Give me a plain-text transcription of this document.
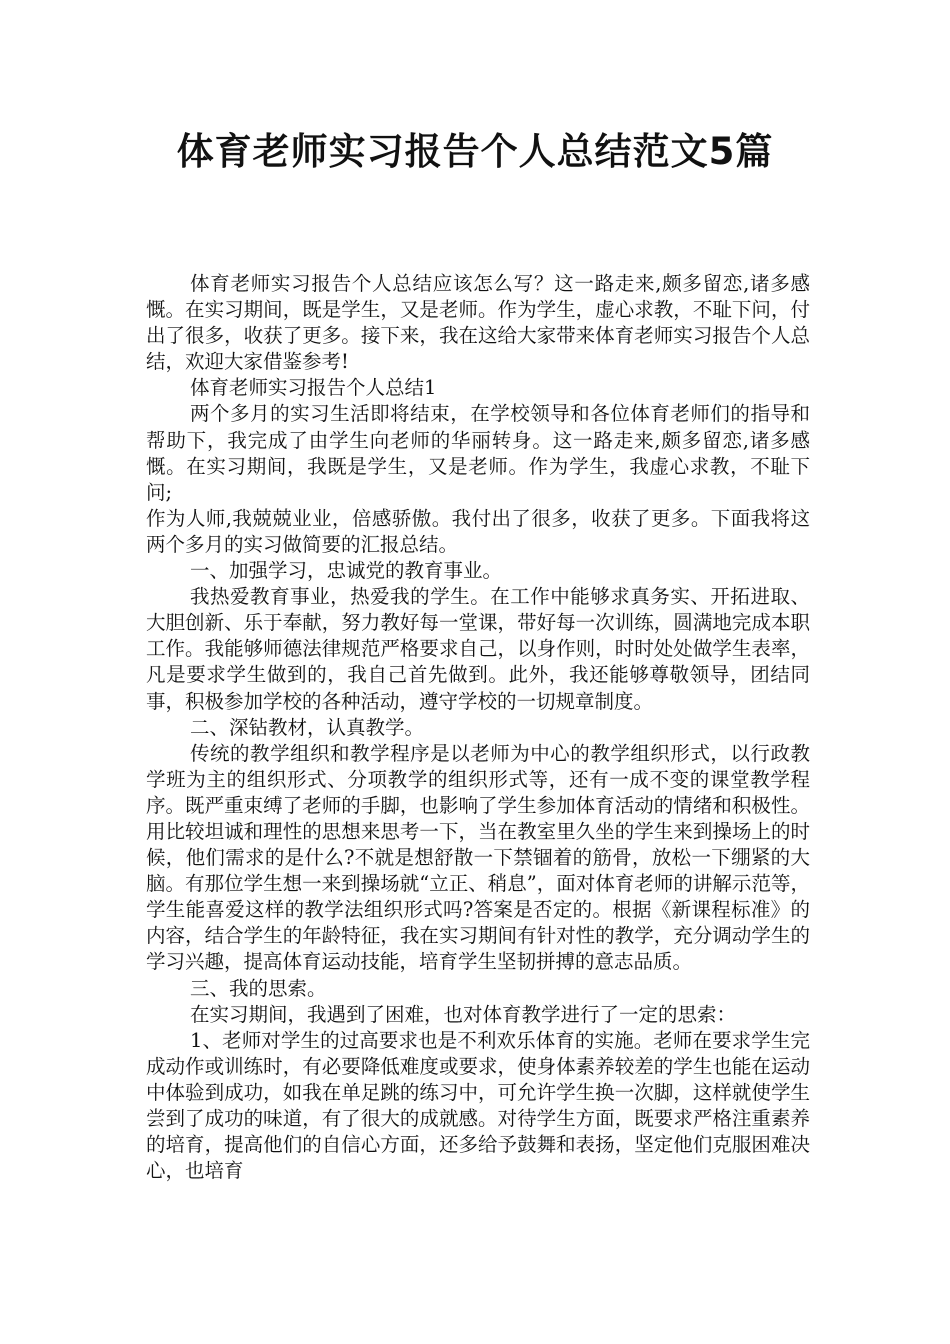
体育老师实习报告个人总结范文5篇

体育老师实习报告个人总结应该怎么写？这一路走来,颇多留恋,诸多感慨。在实习期间，既是学生，又是老师。作为学生，虚心求教，不耻下问，付出了很多，收获了更多。接下来，我在这给大家带来体育老师实习报告个人总结，欢迎大家借鉴参考!

体育老师实习报告个人总结1

两个多月的实习生活即将结束，在学校领导和各位体育老师们的指导和帮助下，我完成了由学生向老师的华丽转身。这一路走来,颇多留恋,诸多感慨。在实习期间，我既是学生，又是老师。作为学生，我虚心求教，不耻下问;

作为人师,我兢兢业业，倍感骄傲。我付出了很多，收获了更多。下面我将这两个多月的实习做简要的汇报总结。

一、加强学习，忠诚党的教育事业。

我热爱教育事业，热爱我的学生。在工作中能够求真务实、开拓进取、大胆创新、乐于奉献，努力教好每一堂课，带好每一次训练，圆满地完成本职工作。我能够师德法律规范严格要求自己，以身作则，时时处处做学生表率，凡是要求学生做到的，我自己首先做到。此外，我还能够尊敬领导，团结同事，积极参加学校的各种活动，遵守学校的一切规章制度。

二、深钻教材，认真教学。

传统的教学组织和教学程序是以老师为中心的教学组织形式，以行政教学班为主的组织形式、分项教学的组织形式等，还有一成不变的课堂教学程序。既严重束缚了老师的手脚，也影响了学生参加体育活动的情绪和积极性。用比较坦诚和理性的思想来思考一下，当在教室里久坐的学生来到操场上的时候，他们需求的是什么?不就是想舒散一下禁锢着的筋骨，放松一下绷紧的大脑。有那位学生想一来到操场就“立正、稍息”，面对体育老师的讲解示范等，学生能喜爱这样的教学法组织形式吗?答案是否定的。根据《新课程标准》的内容，结合学生的年龄特征，我在实习期间有针对性的教学，充分调动学生的学习兴趣，提高体育运动技能，培育学生坚韧拼搏的意志品质。

三、我的思索。

在实习期间，我遇到了困难，也对体育教学进行了一定的思索：

1、老师对学生的过高要求也是不利欢乐体育的实施。老师在要求学生完成动作或训练时，有必要降低难度或要求，使身体素养较差的学生也能在运动中体验到成功，如我在单足跳的练习中，可允许学生换一次脚，这样就使学生尝到了成功的味道，有了很大的成就感。对待学生方面，既要求严格注重素养的培育，提高他们的自信心方面，还多给予鼓舞和表扬，坚定他们克服困难决心，也培育
